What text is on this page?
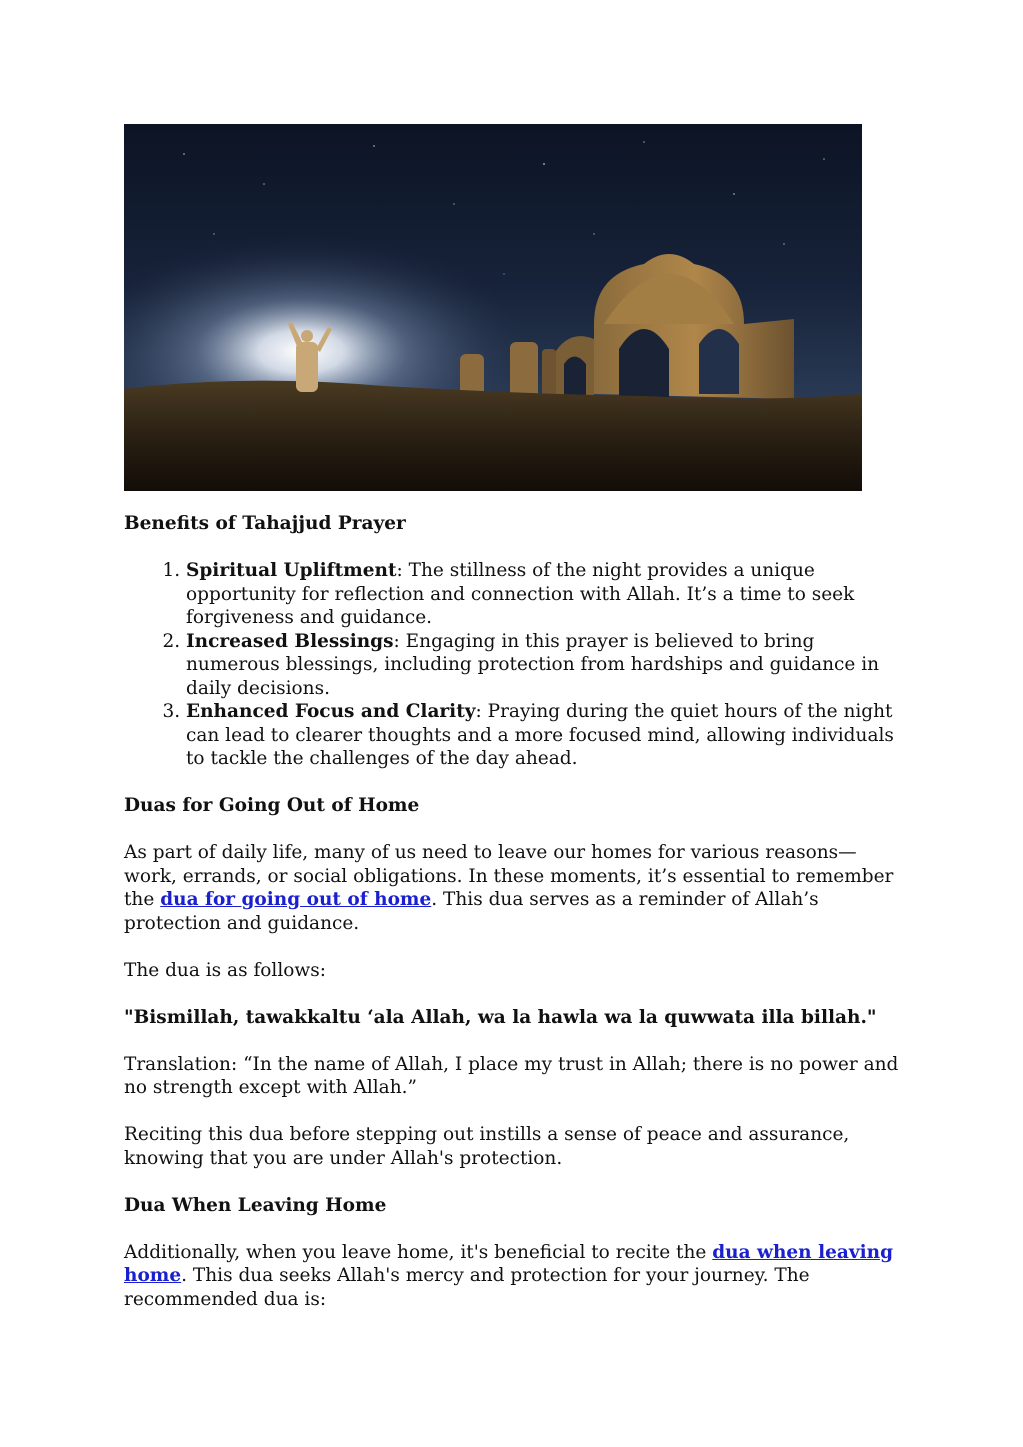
Benefits of Tahajjud Prayer
1. Spiritual Upliftment: The stillness of the night provides a unique opportunity for reflection and connection with Allah. It’s a time to seek forgiveness and guidance.
2. Increased Blessings: Engaging in this prayer is believed to bring numerous blessings, including protection from hardships and guidance in daily decisions.
3. Enhanced Focus and Clarity: Praying during the quiet hours of the night can lead to clearer thoughts and a more focused mind, allowing individuals to tackle the challenges of the day ahead.
Duas for Going Out of Home

As part of daily life, many of us need to leave our homes for various reasons—work, errands, or social obligations. In these moments, it’s essential to remember the dua for going out of home. This dua serves as a reminder of Allah’s protection and guidance.

The dua is as follows:

"Bismillah, tawakkaltu ‘ala Allah, wa la hawla wa la quwwata illa billah."

Translation: “In the name of Allah, I place my trust in Allah; there is no power and no strength except with Allah.”

Reciting this dua before stepping out instills a sense of peace and assurance, knowing that you are under Allah's protection.

Dua When Leaving Home

Additionally, when you leave home, it's beneficial to recite the dua when leaving home. This dua seeks Allah's mercy and protection for your journey. The recommended dua is:
